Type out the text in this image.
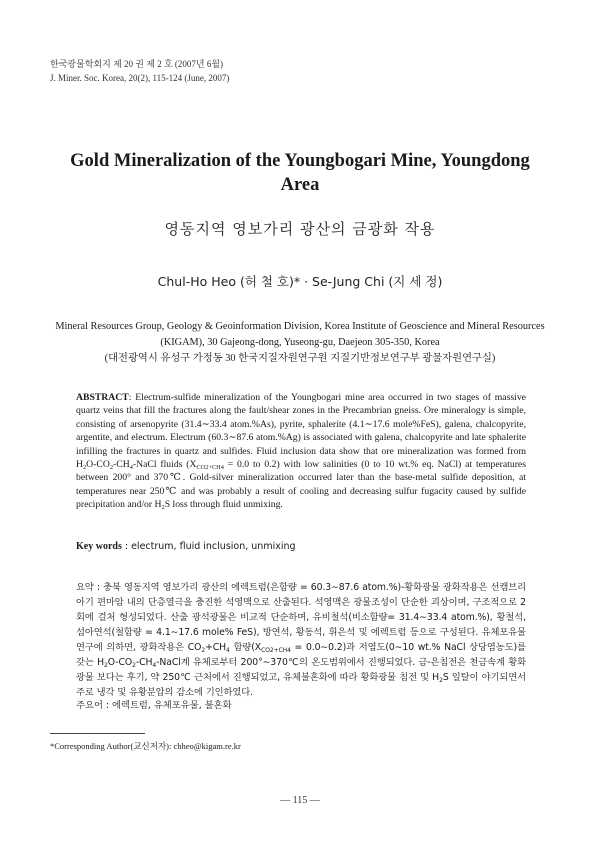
한국광물학회지 제 20 권 제 2 호 (2007년 6월)
J. Miner. Soc. Korea, 20(2), 115-124 (June, 2007)
Gold Mineralization of the Youngbogari Mine, Youngdong
Area
영동지역 영보가리 광산의 금광화 작용
Chul-Ho Heo (허 철 호)* · Se-Jung Chi (지 세 정)
Mineral Resources Group, Geology & Geoinformation Division, Korea Institute of Geoscience and Mineral Resources
(KIGAM), 30 Gajeong-dong, Yuseong-gu, Daejeon 305-350, Korea
(대전광역시 유성구 가정동 30 한국지질자원연구원 지질기반정보연구부 광물자원연구실)
ABSTRACT: Electrum-sulfide mineralization of the Youngbogari mine area occurred in two stages of massive quartz veins that fill the fractures along the fault/shear zones in the Precambrian gneiss. Ore mineralogy is simple, consisting of arsenopyrite (31.4∼33.4 atom.%As), pyrite, sphalerite (4.1∼17.6 mole%FeS), galena, chalcopyrite, argentite, and electrum. Electrum (60.3∼87.6 atom.%Ag) is associated with galena, chalcopyrite and late sphalerite infilling the fractures in quartz and sulfides. Fluid inclusion data show that ore mineralization was formed from $H_2O-CO_2-CH_4$-NaCl fluids ($X_{CO2+CH4} = 0.0$ to 0.2) with low salinities (0 to 10 wt.% eq. NaCl) at temperatures between 200° and 370℃. Gold-silver mineralization occurred later than the base-metal sulfide deposition, at temperatures near 250℃ and was probably a result of cooling and decreasing sulfur fugacity caused by sulfide precipitation and/or $H_2S$ loss through fluid unmixing.
Key words : electrum, fluid inclusion, unmixing
요약 : 충북 영동지역 영보가리 광산의 에렉트럼(은함량 = 60.3∼87.6 atom.%)-황화광물 광화작용은 선캠브리아기 편마암 내의 단층열극을 충진한 석영맥으로 산출된다. 석영맥은 광물조성이 단순한 괴상이며, 구조적으로 2회에 걸처 형성되었다. 산출 광석광물은 비교적 단순하며, 유비철석(비소함량= 31.4∼33.4 atom.%), 황철석, 섬아연석(철함량 = 4.1∼17.6 mole% FeS), 방연석, 황동석, 휘은석 및 에렉트럼 등으로 구성된다. 유체포유물연구에 의하면, 광화작용은 $CO_2+CH_4$ 함량($X_{CO2+CH4}$ = 0.0∼0.2)과 저염도(0∼10 wt.% NaCl 상당염농도)를 갖는 $H_2O-CO_2-CH_4$-NaCl계 유체로부터 200°∼370℃의 온도범위에서 진행되었다. 금-은침전은 천금속계 황화광물 보다는 후기, 약 250℃ 근처에서 진행되었고, 유체불혼화에 따라 황화광물 침전 및 $H_2S$ 일탈이 야기되면서 주로 냉각 및 유황분압의 감소에 기인하였다.
주요어 : 에렉트럼, 유체포유물, 불혼화
*Corresponding Author(교신저자): chheo@kigam.re.kr
— 115 —
